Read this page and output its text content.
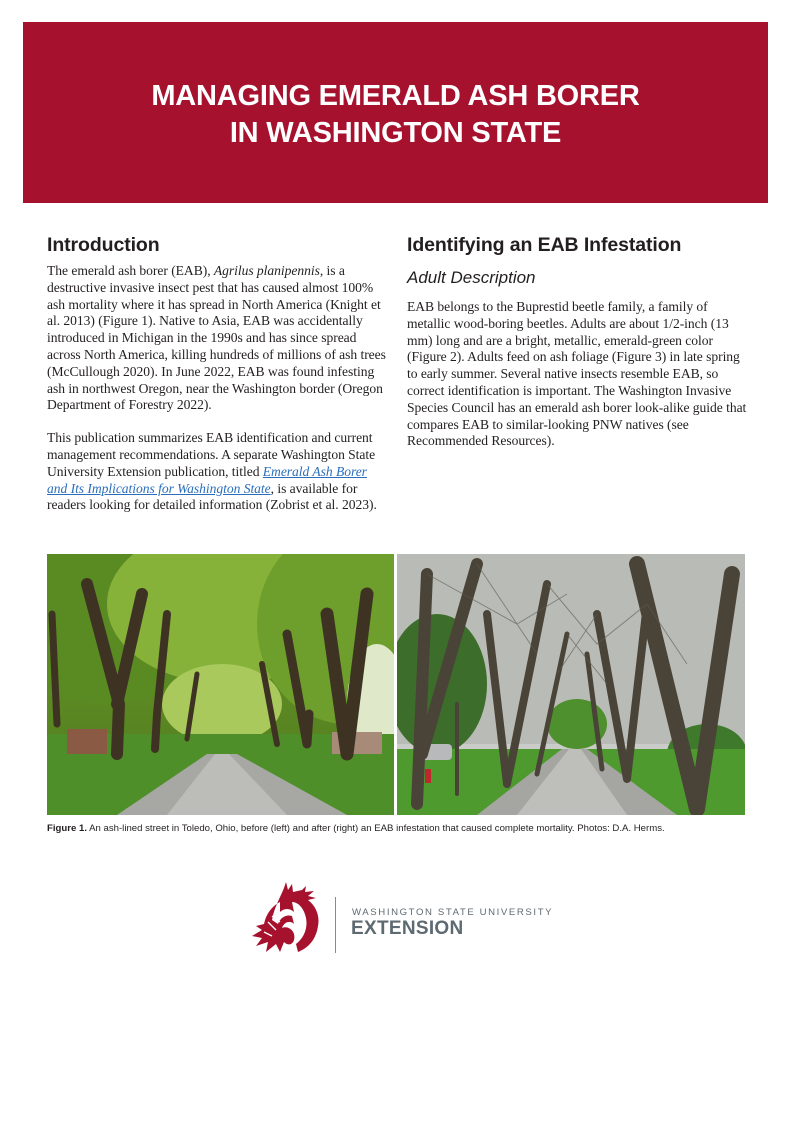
MANAGING EMERALD ASH BORER
IN WASHINGTON STATE
Introduction

The emerald ash borer (EAB), Agrilus planipennis, is a destructive invasive insect pest that has caused almost 100% ash mortality where it has spread in North America (Knight et al. 2013) (Figure 1). Native to Asia, EAB was accidentally introduced in Michigan in the 1990s and has since spread across North America, killing hundreds of millions of ash trees (McCullough 2020). In June 2022, EAB was found infesting ash in northwest Oregon, near the Washington border (Oregon Department of Forestry 2022).

This publication summarizes EAB identification and current management recommendations. A separate Washington State University Extension publication, titled Emerald Ash Borer and Its Implications for Washington State, is available for readers looking for detailed information (Zobrist et al. 2023).

Identifying an EAB Infestation
Adult Description

EAB belongs to the Buprestid beetle family, a family of metallic wood-boring beetles. Adults are about 1/2-inch (13 mm) long and are a bright, metallic, emerald-green color (Figure 2). Adults feed on ash foliage (Figure 3) in late spring to early summer. Several native insects resemble EAB, so correct identification is important. The Washington Invasive Species Council has an emerald ash borer look-alike guide that compares EAB to similar-looking PNW natives (see Recommended Resources).

Figure 1. An ash-lined street in Toledo, Ohio, before (left) and after (right) an EAB infestation that caused complete mortality. Photos: D.A. Herms.
WASHINGTON STATE UNIVERSITY
EXTENSION
